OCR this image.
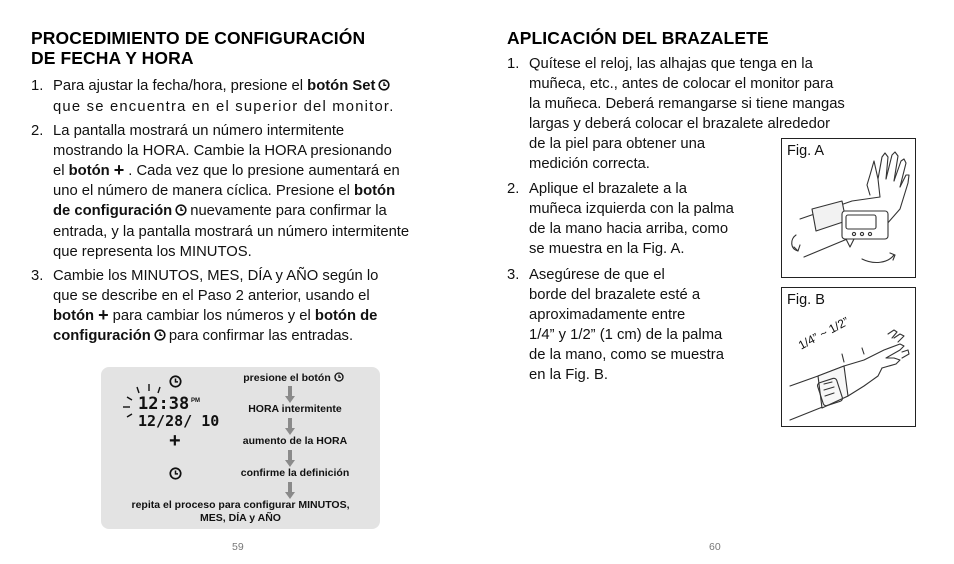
PROCEDIMIENTO DE CONFIGURACIÓN
DE FECHA Y HORA
1. Para ajustar la fecha/hora, presione el botón Set
que se encuentra en el superior del monitor.
2. La pantalla mostrará un número intermitente
mostrando la HORA. Cambie la HORA presionando
el botón + . Cada vez que lo presione aumentará en
uno el número de manera cíclica. Presione el botón
de configuración nuevamente para confirmar la
entrada, y la pantalla mostrará un número intermitente
que representa los MINUTOS.
3. Cambie los MINUTOS, MES, DÍA y AÑO según lo
que se describe en el Paso 2 anterior, usando el
botón + para cambiar los números y el botón de
configuración para confirmar las entradas.
12:38 PM
12/28/ 10
+
presione el botón
HORA intermitente
aumento de la HORA
confirme la definición
repita el proceso para configurar MINUTOS,
MES, DÍA y AÑO
59
APLICACIÓN DEL BRAZALETE
1. Quítese el reloj, las alhajas que tenga en la
muñeca, etc., antes de colocar el monitor para
la muñeca. Deberá remangarse si tiene mangas
largas y deberá colocar el brazalete alrededor
de la piel para obtener una
medición correcta.
2. Aplique el brazalete a la
muñeca izquierda con la palma
de la mano hacia arriba, como
se muestra en la Fig. A.
3. Asegúrese de que el
borde del brazalete esté a
aproximadamente entre
1/4” y 1/2” (1 cm) de la palma
de la mano, como se muestra
en la Fig. B.
Fig. A
Fig. B
1/4” ~ 1/2”
60
